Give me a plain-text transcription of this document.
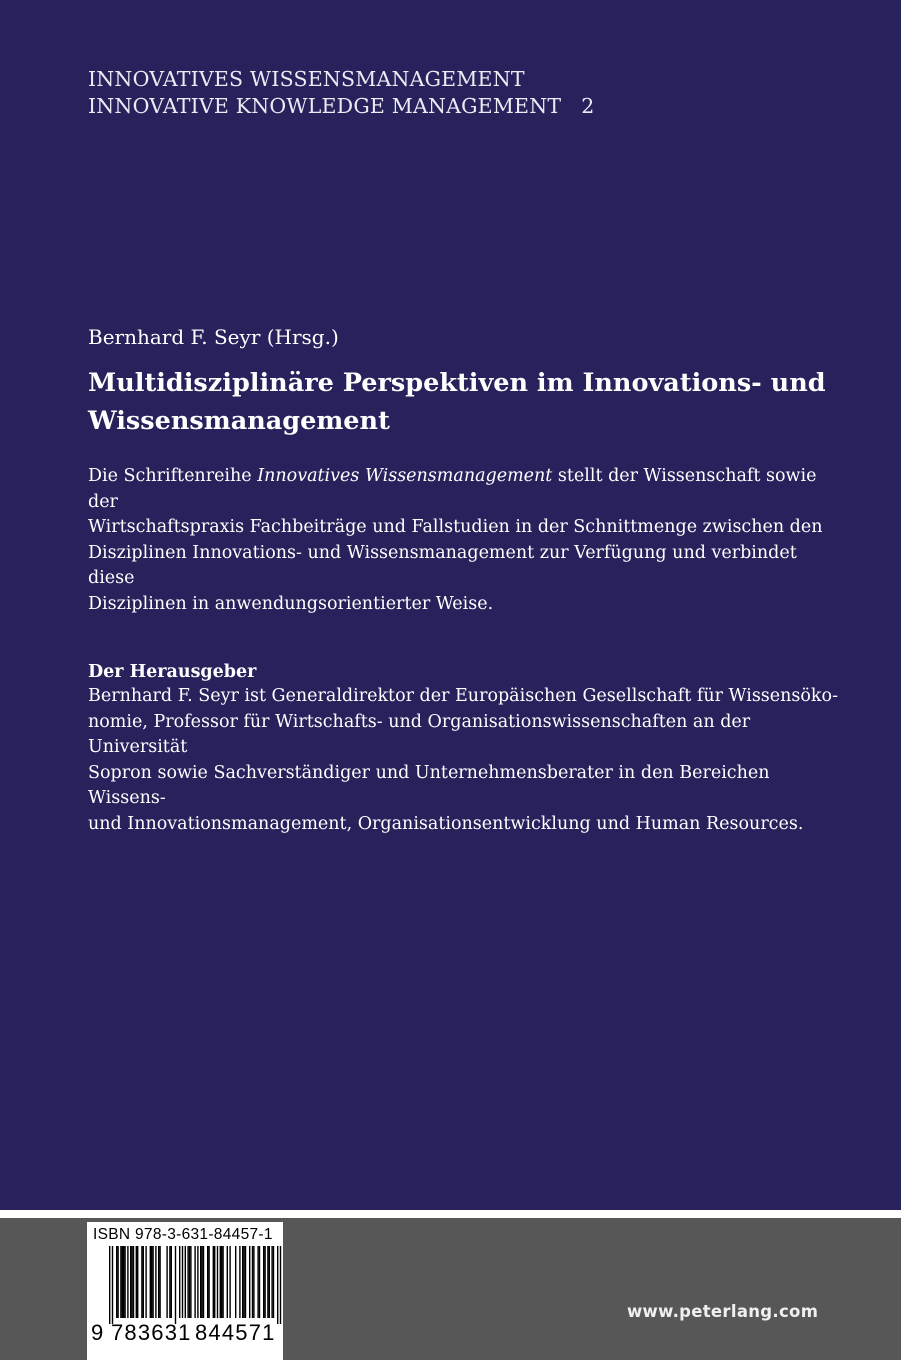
INNOVATIVES WISSENSMANAGEMENT
INNOVATIVE KNOWLEDGE MANAGEMENT 2
Bernhard F. Seyr (Hrsg.)
Multidisziplinäre Perspektiven im Innovations- und
Wissensmanagement
Die Schriftenreihe Innovatives Wissensmanagement stellt der Wissenschaft sowie der
Wirtschaftspraxis Fachbeiträge und Fallstudien in der Schnittmenge zwischen den
Disziplinen Innovations- und Wissensmanagement zur Verfügung und verbindet diese
Disziplinen in anwendungsorientierter Weise.
Der Herausgeber
Bernhard F. Seyr ist Generaldirektor der Europäischen Gesellschaft für Wissensöko-
nomie, Professor für Wirtschafts- und Organisationswissenschaften an der Universität
Sopron sowie Sachverständiger und Unternehmensberater in den Bereichen Wissens-
und Innovationsmanagement, Organisationsentwicklung und Human Resources.
ISBN 978-3-631-84457-1
9 783631 844571
www.peterlang.com
